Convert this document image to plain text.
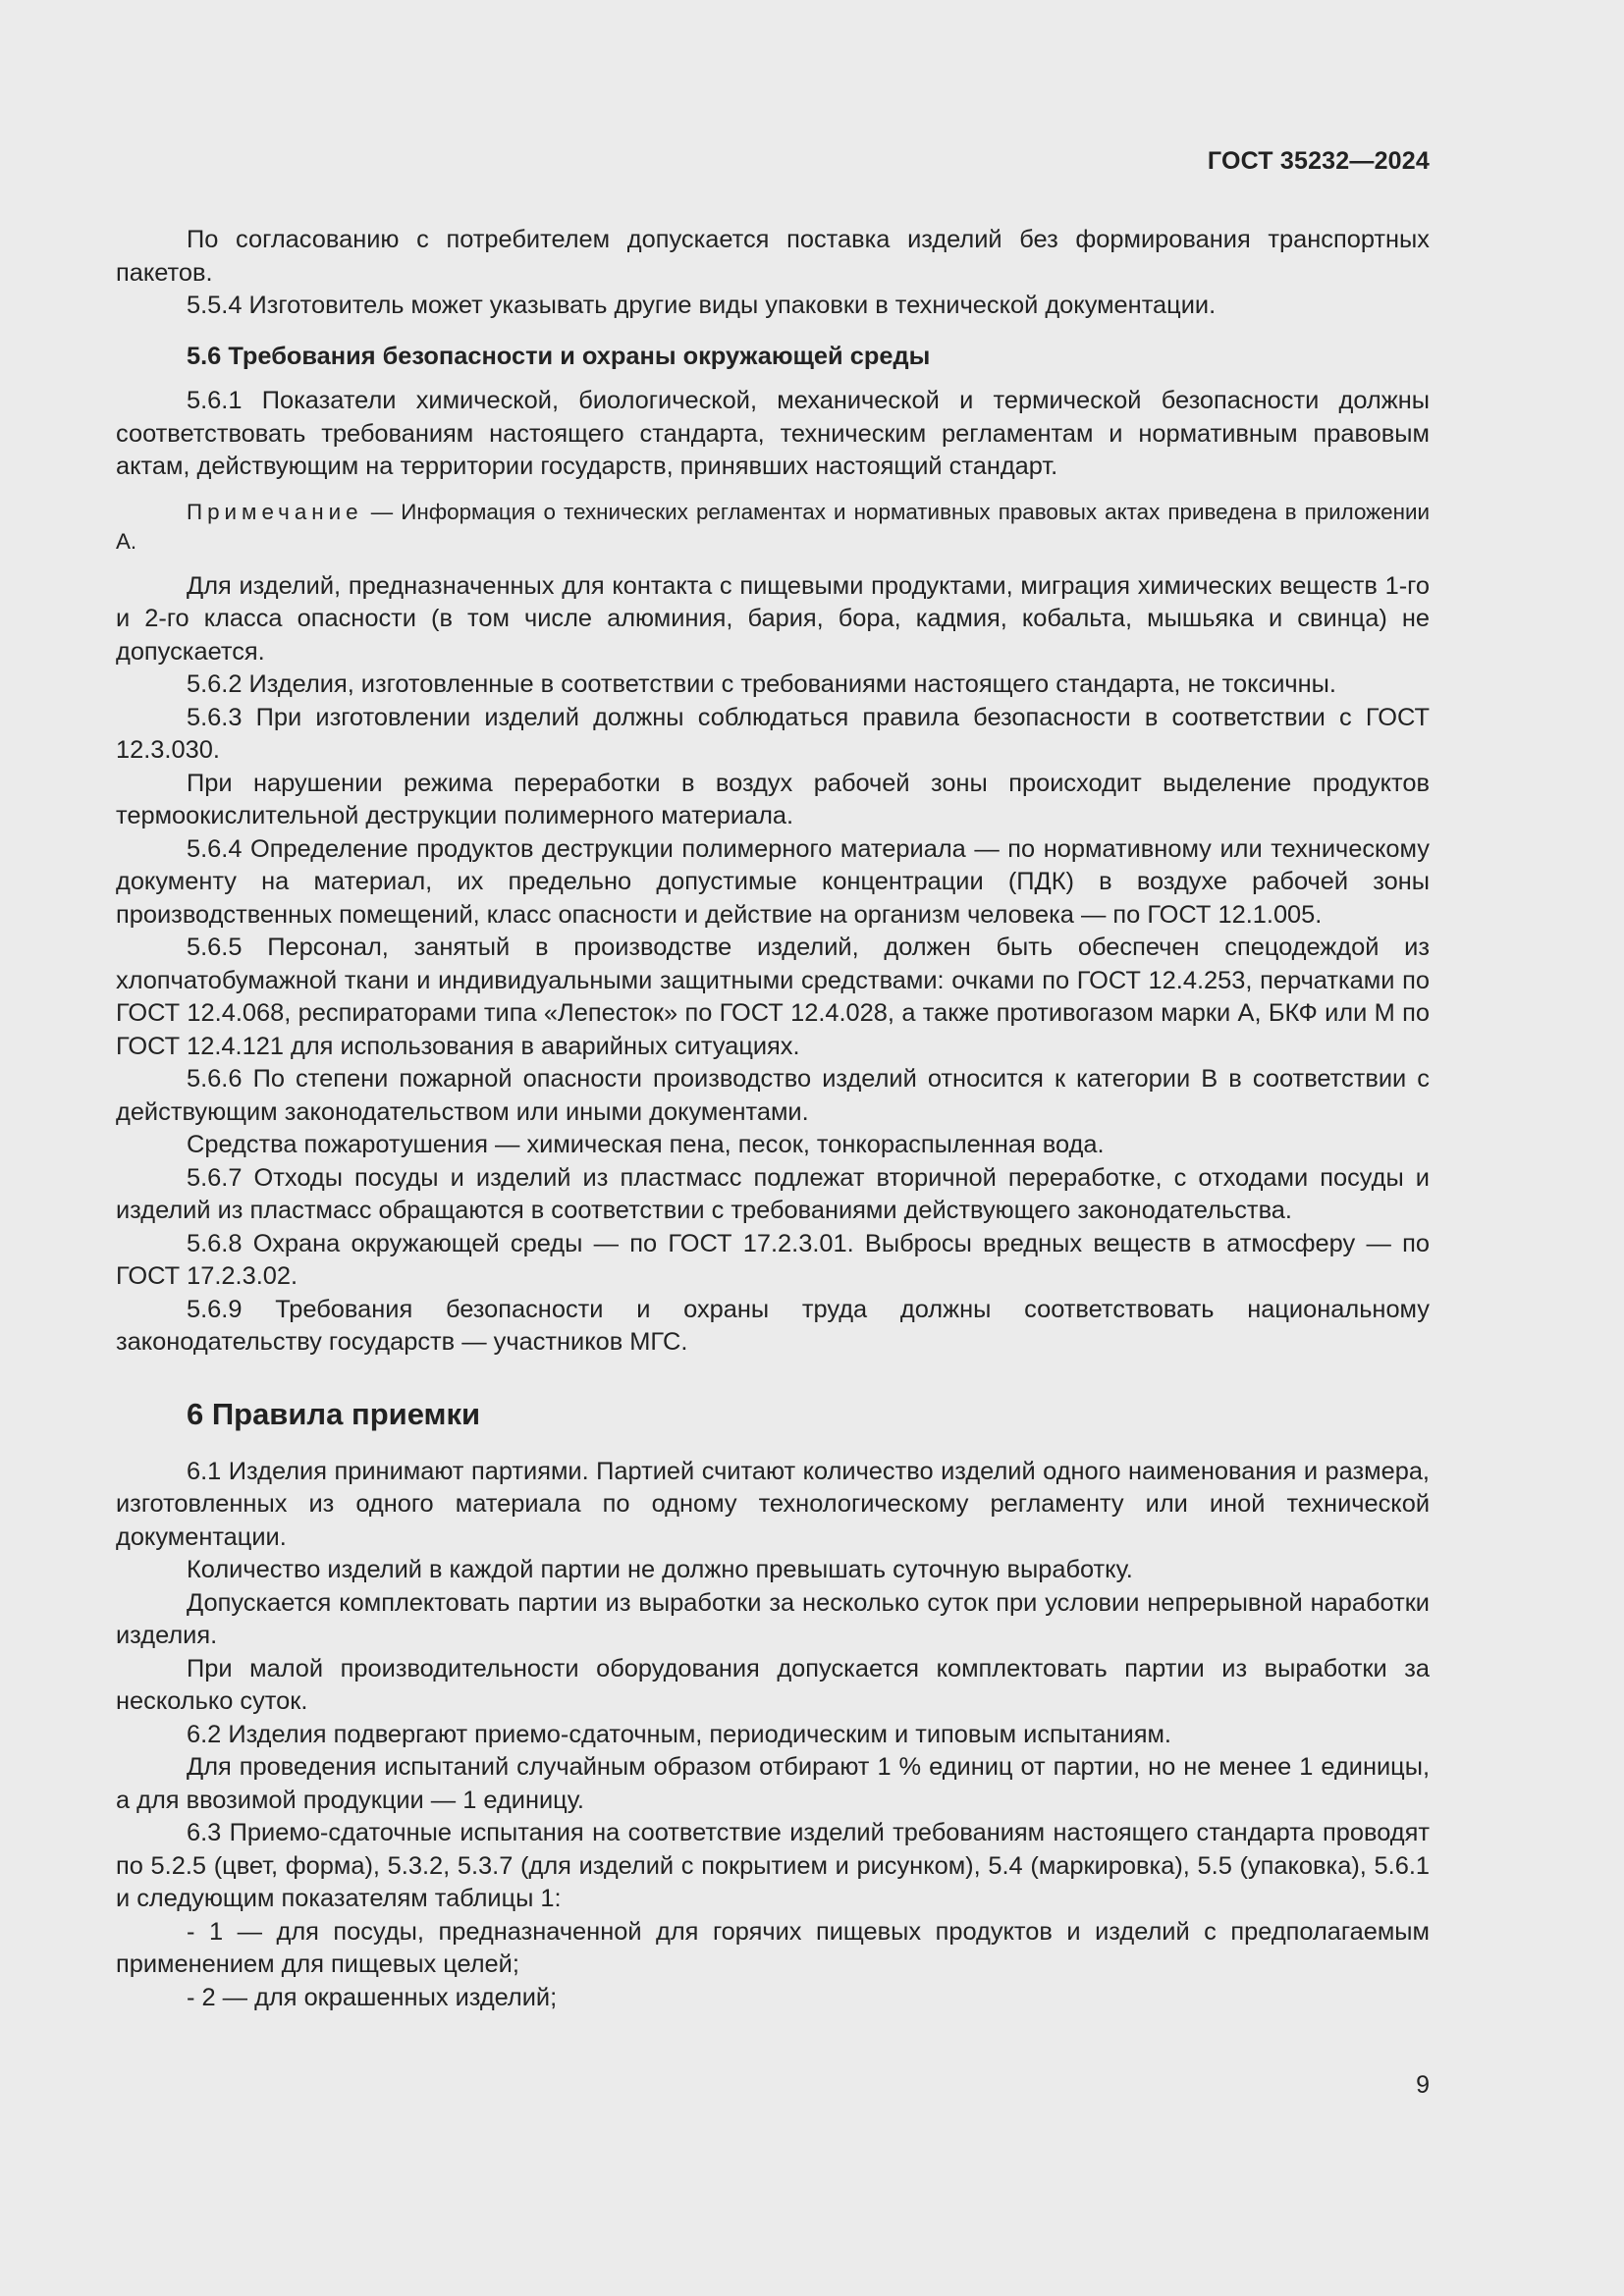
ГОСТ 35232—2024

По согласованию с потребителем допускается поставка изделий без формирования транспортных пакетов.

5.5.4 Изготовитель может указывать другие виды упаковки в технической документации.

5.6 Требования безопасности и охраны окружающей среды

5.6.1 Показатели химической, биологической, механической и термической безопасности должны соответствовать требованиям настоящего стандарта, техническим регламентам и нормативным правовым актам, действующим на территории государств, принявших настоящий стандарт.

Примечание — Информация о технических регламентах и нормативных правовых актах приведена в приложении А.

Для изделий, предназначенных для контакта с пищевыми продуктами, миграция химических веществ 1-го и 2-го класса опасности (в том числе алюминия, бария, бора, кадмия, кобальта, мышьяка и свинца) не допускается.

5.6.2 Изделия, изготовленные в соответствии с требованиями настоящего стандарта, не токсичны.

5.6.3 При изготовлении изделий должны соблюдаться правила безопасности в соответствии с ГОСТ 12.3.030.

При нарушении режима переработки в воздух рабочей зоны происходит выделение продуктов термоокислительной деструкции полимерного материала.

5.6.4 Определение продуктов деструкции полимерного материала — по нормативному или техническому документу на материал, их предельно допустимые концентрации (ПДК) в воздухе рабочей зоны производственных помещений, класс опасности и действие на организм человека — по ГОСТ 12.1.005.

5.6.5 Персонал, занятый в производстве изделий, должен быть обеспечен спецодеждой из хлопчатобумажной ткани и индивидуальными защитными средствами: очками по ГОСТ 12.4.253, перчатками по ГОСТ 12.4.068, респираторами типа «Лепесток» по ГОСТ 12.4.028, а также противогазом марки А, БКФ или М по ГОСТ 12.4.121 для использования в аварийных ситуациях.

5.6.6 По степени пожарной опасности производство изделий относится к категории В в соответствии с действующим законодательством или иными документами.

Средства пожаротушения — химическая пена, песок, тонкораспыленная вода.

5.6.7 Отходы посуды и изделий из пластмасс подлежат вторичной переработке, с отходами посуды и изделий из пластмасс обращаются в соответствии с требованиями действующего законодательства.

5.6.8 Охрана окружающей среды — по ГОСТ 17.2.3.01. Выбросы вредных веществ в атмосферу — по ГОСТ 17.2.3.02.

5.6.9 Требования безопасности и охраны труда должны соответствовать национальному законодательству государств — участников МГС.

6 Правила приемки

6.1 Изделия принимают партиями. Партией считают количество изделий одного наименования и размера, изготовленных из одного материала по одному технологическому регламенту или иной технической документации.

Количество изделий в каждой партии не должно превышать суточную выработку.

Допускается комплектовать партии из выработки за несколько суток при условии непрерывной наработки изделия.

При малой производительности оборудования допускается комплектовать партии из выработки за несколько суток.

6.2 Изделия подвергают приемо-сдаточным, периодическим и типовым испытаниям.

Для проведения испытаний случайным образом отбирают 1 % единиц от партии, но не менее 1 единицы, а для ввозимой продукции — 1 единицу.

6.3 Приемо-сдаточные испытания на соответствие изделий требованиям настоящего стандарта проводят по 5.2.5 (цвет, форма), 5.3.2, 5.3.7 (для изделий с покрытием и рисунком), 5.4 (маркировка), 5.5 (упаковка), 5.6.1 и следующим показателям таблицы 1:

- 1 — для посуды, предназначенной для горячих пищевых продуктов и изделий с предполагаемым применением для пищевых целей;

- 2 — для окрашенных изделий;

9
